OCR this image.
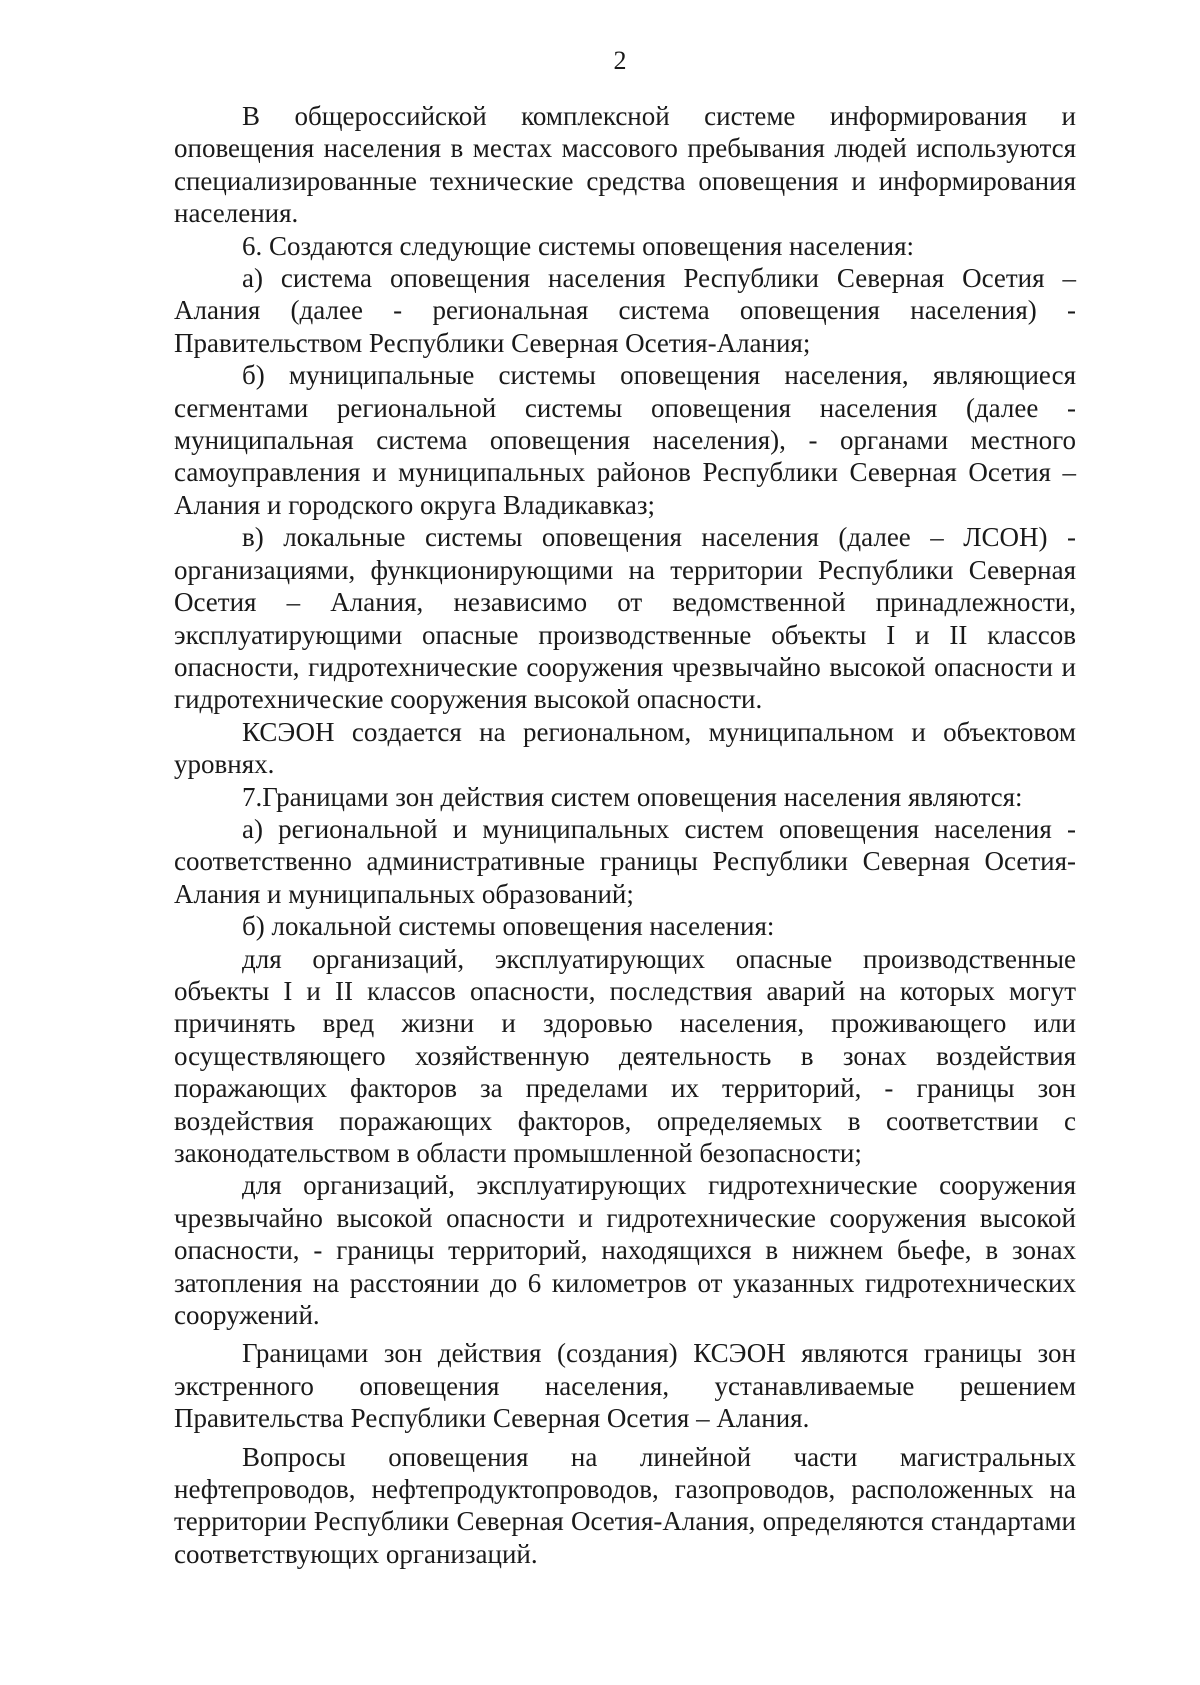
2

В общероссийской комплексной системе информирования и оповещения населения в местах массового пребывания людей используются специализированные технические средства оповещения и информирования населения.

6. Создаются следующие системы оповещения населения:

а) система оповещения населения Республики Северная Осетия – Алания (далее - региональная система оповещения населения) - Правительством Республики Северная Осетия-Алания;

б) муниципальные системы оповещения населения, являющиеся сегментами региональной системы оповещения населения (далее - муниципальная система оповещения населения), - органами местного самоуправления и муниципальных районов Республики Северная Осетия – Алания и городского округа Владикавказ;

в) локальные системы оповещения населения (далее – ЛСОН) - организациями, функционирующими на территории Республики Северная Осетия – Алания, независимо от ведомственной принадлежности, эксплуатирующими опасные производственные объекты I и II классов опасности, гидротехнические сооружения чрезвычайно высокой опасности и гидротехнические сооружения высокой опасности.

КСЭОН создается на региональном, муниципальном и объектовом уровнях.

7.Границами зон действия систем оповещения населения являются:

а) региональной и муниципальных систем оповещения населения - соответственно административные границы Республики Северная Осетия-Алания и муниципальных образований;

б) локальной системы оповещения населения:

для организаций, эксплуатирующих опасные производственные объекты I и II классов опасности, последствия аварий на которых могут причинять вред жизни и здоровью населения, проживающего или осуществляющего хозяйственную деятельность в зонах воздействия поражающих факторов за пределами их территорий, - границы зон воздействия поражающих факторов, определяемых в соответствии с законодательством в области промышленной безопасности;

для организаций, эксплуатирующих гидротехнические сооружения чрезвычайно высокой опасности и гидротехнические сооружения высокой опасности, - границы территорий, находящихся в нижнем бьефе, в зонах затопления на расстоянии до 6 километров от указанных гидротехнических сооружений.

Границами зон действия (создания) КСЭОН являются границы зон экстренного оповещения населения, устанавливаемые решением Правительства Республики Северная Осетия – Алания.

Вопросы оповещения на линейной части магистральных нефтепроводов, нефтепродуктопроводов, газопроводов, расположенных на территории Республики Северная Осетия-Алания, определяются стандартами соответствующих организаций.
